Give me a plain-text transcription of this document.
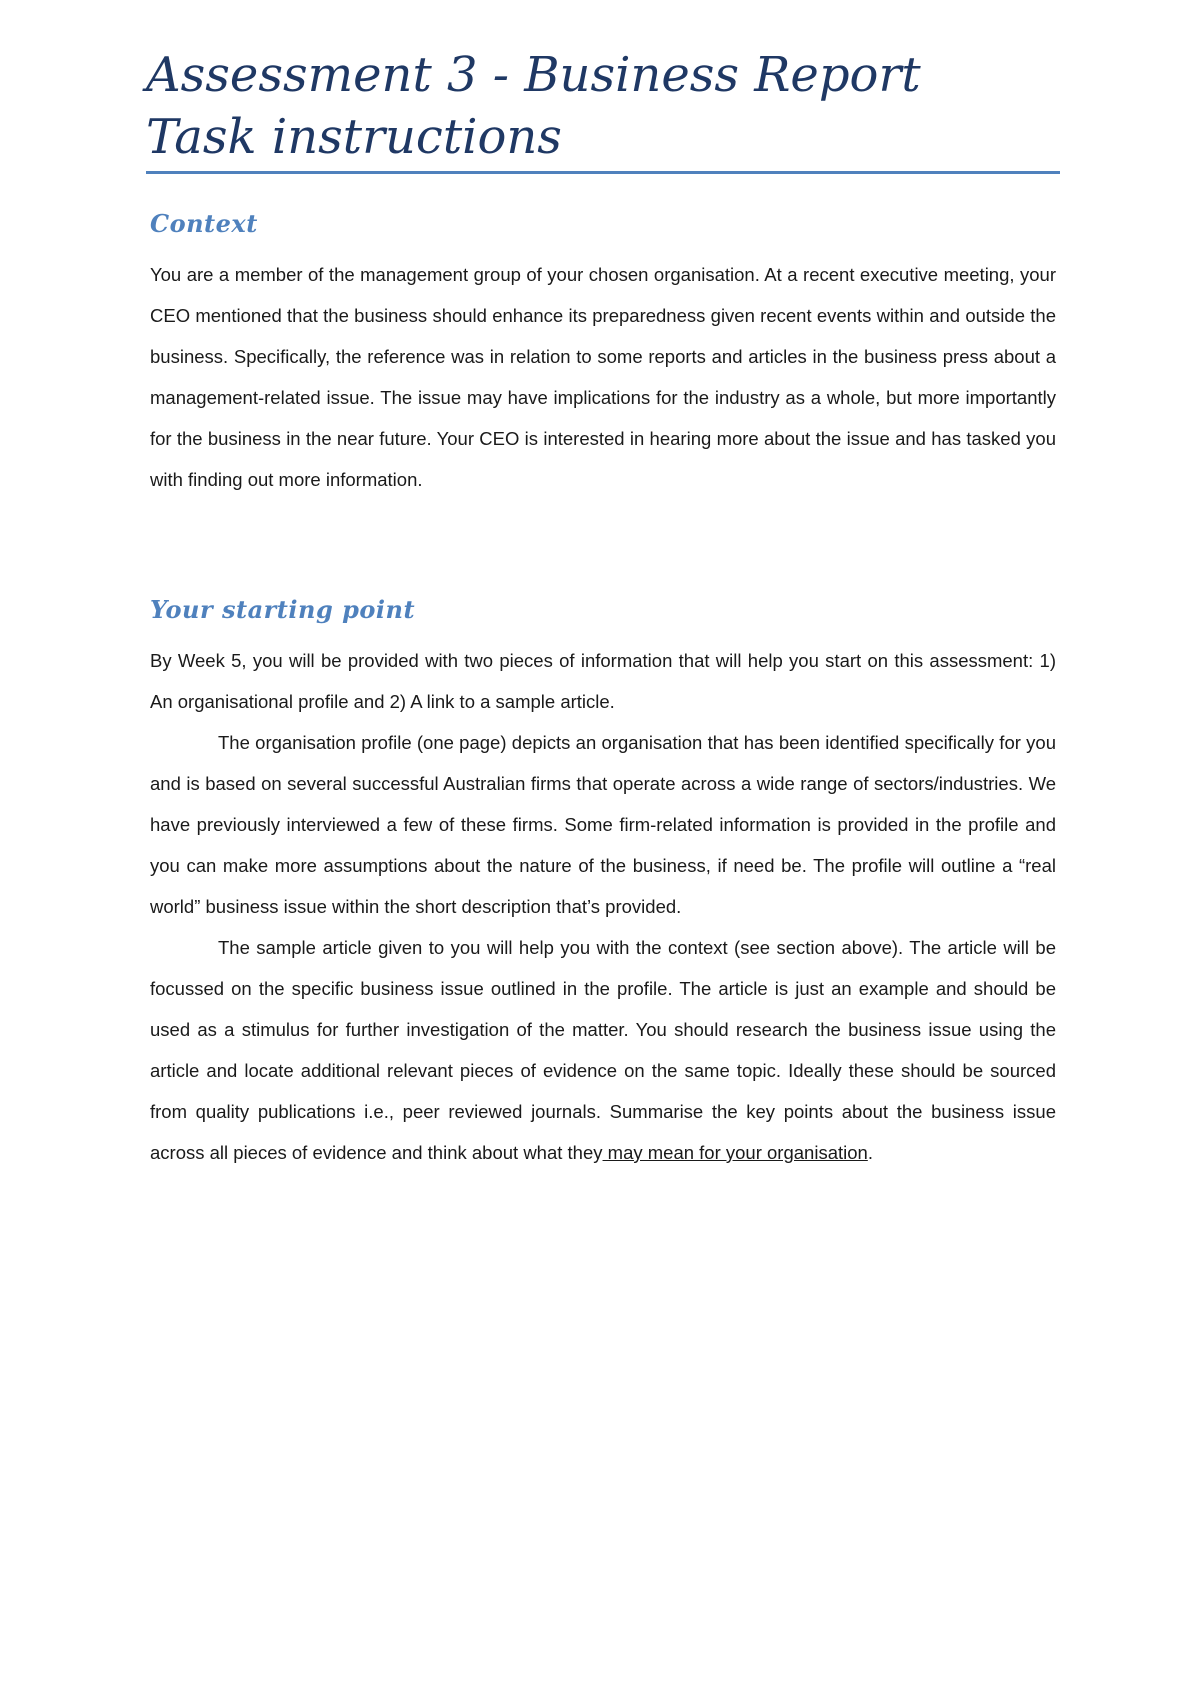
Assessment 3 - Business Report
Task instructions
Context

You are a member of the management group of your chosen organisation. At a recent executive meeting, your CEO mentioned that the business should enhance its preparedness given recent events within and outside the business. Specifically, the reference was in relation to some reports and articles in the business press about a management-related issue. The issue may have implications for the industry as a whole, but more importantly for the business in the near future. Your CEO is interested in hearing more about the issue and has tasked you with finding out more information.

Your starting point

By Week 5, you will be provided with two pieces of information that will help you start on this assessment: 1) An organisational profile and 2) A link to a sample article.

The organisation profile (one page) depicts an organisation that has been identified specifically for you and is based on several successful Australian firms that operate across a wide range of sectors/industries. We have previously interviewed a few of these firms. Some firm-related information is provided in the profile and you can make more assumptions about the nature of the business, if need be. The profile will outline a “real world” business issue within the short description that’s provided.

The sample article given to you will help you with the context (see section above). The article will be focussed on the specific business issue outlined in the profile. The article is just an example and should be used as a stimulus for further investigation of the matter. You should research the business issue using the article and locate additional relevant pieces of evidence on the same topic. Ideally these should be sourced from quality publications i.e., peer reviewed journals. Summarise the key points about the business issue across all pieces of evidence and think about what they may mean for your organisation.
